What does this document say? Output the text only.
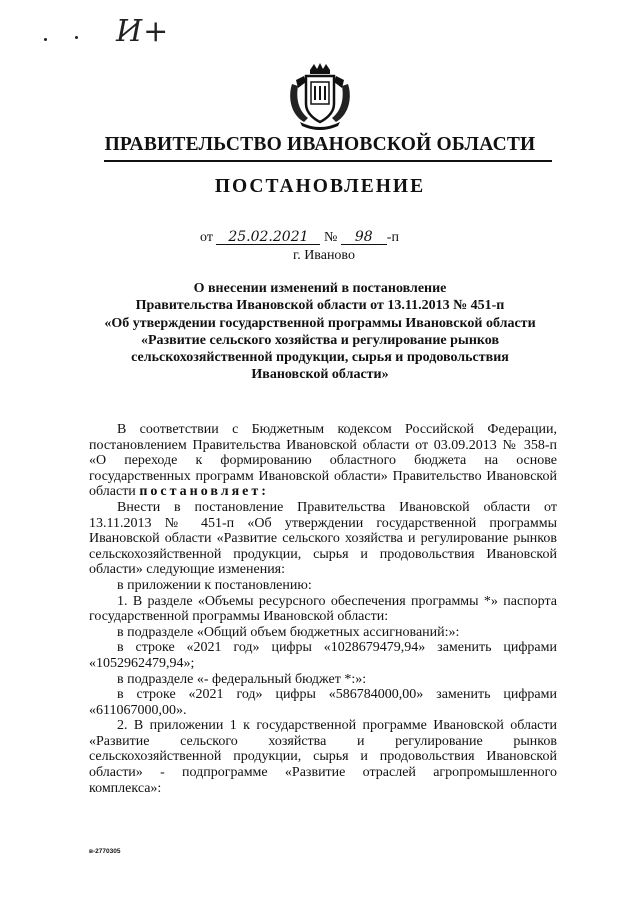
И+
ПРАВИТЕЛЬСТВО ИВАНОВСКОЙ ОБЛАСТИ
ПОСТАНОВЛЕНИЕ
от 25.02.2021 № 98 -п
г. Иваново
О внесении изменений в постановление
Правительства Ивановской области от 13.11.2013 № 451-п
«Об утверждении государственной программы Ивановской области
«Развитие сельского хозяйства и регулирование рынков
сельскохозяйственной продукции, сырья и продовольствия
Ивановской области»

В соответствии с Бюджетным кодексом Российской Федерации, постановлением Правительства Ивановской области от 03.09.2013 № 358-п «О переходе к формированию областного бюджета на основе государственных программ Ивановской области» Правительство Ивановской области постановляет:

Внести в постановление Правительства Ивановской области от 13.11.2013 № 451-п «Об утверждении государственной программы Ивановской области «Развитие сельского хозяйства и регулирование рынков сельскохозяйственной продукции, сырья и продовольствия Ивановской области» следующие изменения:

в приложении к постановлению:

1. В разделе «Объемы ресурсного обеспечения программы *» паспорта государственной программы Ивановской области:

в подразделе «Общий объем бюджетных ассигнований:»:

в строке «2021 год» цифры «1028679479,94» заменить цифрами «1052962479,94»;

в подразделе «- федеральный бюджет *:»:

в строке «2021 год» цифры «586784000,00» заменить цифрами «611067000,00».

2. В приложении 1 к государственной программе Ивановской области «Развитие сельского хозяйства и регулирование рынков сельскохозяйственной продукции, сырья и продовольствия Ивановской области» - подпрограмме «Развитие отраслей агропромышленного комплекса»:

в-2770305
